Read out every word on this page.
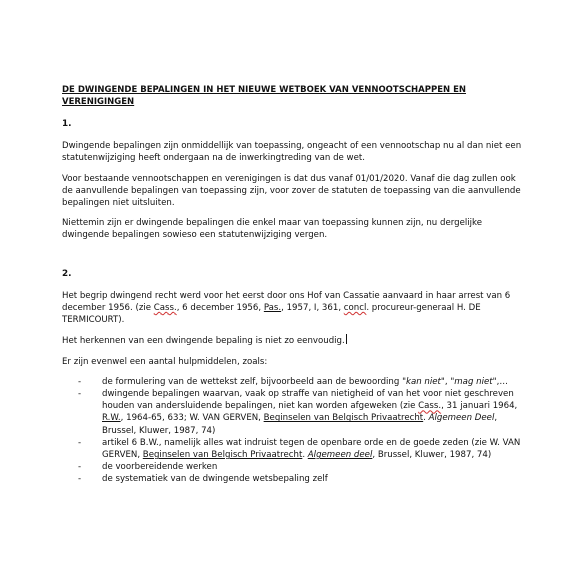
DE DWINGENDE BEPALINGEN IN HET NIEUWE WETBOEK VAN VENNOOTSCHAPPEN EN VERENIGINGEN
1.

Dwingende bepalingen zijn onmiddellijk van toepassing, ongeacht of een vennootschap nu al dan niet een statutenwijziging heeft ondergaan na de inwerkingtreding van de wet.

Voor bestaande vennootschappen en verenigingen is dat dus vanaf 01/01/2020. Vanaf die dag zullen ook de aanvullende bepalingen van toepassing zijn, voor zover de statuten de toepassing van die aanvullende bepalingen niet uitsluiten.

Niettemin zijn er dwingende bepalingen die enkel maar van toepassing kunnen zijn, nu dergelijke dwingende bepalingen sowieso een statutenwijziging vergen.

2.

Het begrip dwingend recht werd voor het eerst door ons Hof van Cassatie aanvaard in haar arrest van 6 december 1956. (zie Cass., 6 december 1956, Pas., 1957, I, 361, concl. procureur-generaal H. DE TERMICOURT).

Het herkennen van een dwingende bepaling is niet zo eenvoudig.

Er zijn evenwel een aantal hulpmiddelen, zoals:

- de formulering van de wettekst zelf, bijvoorbeeld aan de bewoording "kan niet", "mag niet",…
- dwingende bepalingen waarvan, vaak op straffe van nietigheid of van het voor niet geschreven houden van andersluidende bepalingen, niet kan worden afgeweken (zie Cass., 31 januari 1964, R.W., 1964-65, 633; W. VAN GERVEN, Beginselen van Belgisch Privaatrecht. Algemeen Deel, Brussel, Kluwer, 1987, 74)
- artikel 6 B.W., namelijk alles wat indruist tegen de openbare orde en de goede zeden (zie W. VAN GERVEN, Beginselen van Belgisch Privaatrecht. Algemeen deel, Brussel, Kluwer, 1987, 74)
- de voorbereidende werken
- de systematiek van de dwingende wetsbepaling zelf
